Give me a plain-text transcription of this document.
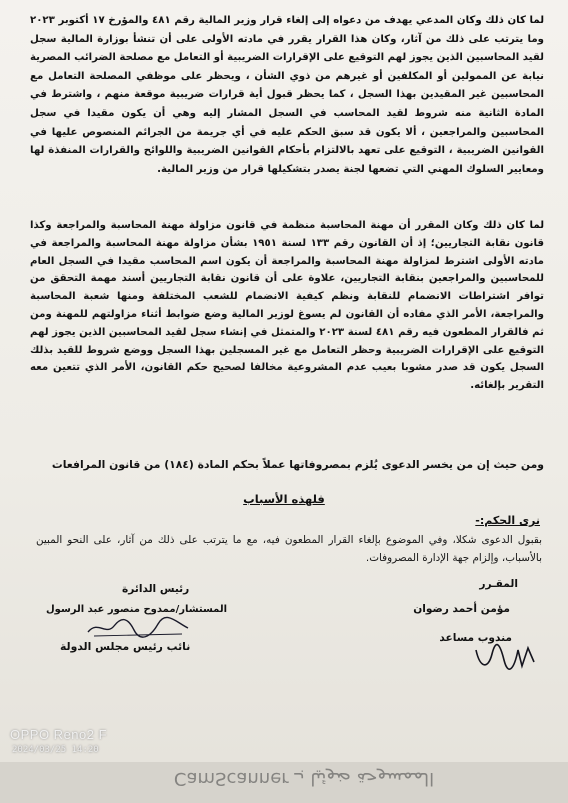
لما كان ذلك وكان المدعي يهدف من دعواه إلى إلغاء قرار وزير المالية رقم ٤٨١ والمؤرخ ١٧ أكتوبر ٢٠٢٣ وما يترتب على ذلك من آثار، وكان هذا القرار يقرر في مادته الأولى على أن تنشأ بوزارة المالية سجل لقيد المحاسبين الذين يجوز لهم التوقيع على الإقرارات الضريبية أو التعامل مع مصلحة الضرائب المصرية نيابة عن الممولين أو المكلفين أو غيرهم من ذوي الشأن ، ويحظر على موظفي المصلحة التعامل مع المحاسبين غير المقيدين بهذا السجل ، كما يحظر قبول أية قرارات ضريبية موقعة منهم ، واشترط في المادة الثانية منه شروط لقيد المحاسب في السجل المشار إليه وهي أن يكون مقيدا في سجل المحاسبين والمراجعين ، ألا يكون قد سبق الحكم عليه في أي جريمة من الجرائم المنصوص عليها في القوانين الضريبية ، التوقيع على تعهد بالالتزام بأحكام القوانين الضريبية واللوائح والقرارات المنفذة لها ومعايير السلوك المهني التي تضعها لجنة يصدر بتشكيلها قرار من وزير المالية.
لما كان ذلك وكان المقرر أن مهنة المحاسبة منظمة في قانون مزاولة مهنة المحاسبة والمراجعة وكذا قانون نقابة التجاريين؛ إذ أن القانون رقم ١٣٣ لسنة ١٩٥١ بشأن مزاولة مهنة المحاسبة والمراجعة في مادته الأولى اشترط لمزاولة مهنة المحاسبة والمراجعة أن يكون اسم المحاسب مقيدا في السجل العام للمحاسبين والمراجعين بنقابة التجاريين، علاوة على أن قانون نقابة التجاريين أسند مهمة التحقق من توافر اشتراطات الانضمام للنقابة ونظم كيفية الانضمام للشعب المختلفة ومنها شعبة المحاسبة والمراجعة، الأمر الذي مفاده أن القانون لم يسوغ لوزير المالية وضع ضوابط أثناء مزاولتهم للمهنة ومن ثم فالقرار المطعون فيه رقم ٤٨١ لسنة ٢٠٢٣ والمتمثل في إنشاء سجل لقيد المحاسبين الذين يجوز لهم التوقيع على الإقرارات الضريبية وحظر التعامل مع غير المسجلين بهذا السجل ووضع شروط للقيد بذلك السجل يكون قد صدر مشوبا بعيب عدم المشروعية مخالفا لصحيح حكم القانون، الأمر الذي تتعين معه التقرير بإلغائه.
ومن حيث إن من يخسر الدعوى يُلزم بمصروفاتها عملاً بحكم المادة (١٨٤) من قانون المرافعات
فلهذه الأسباب
نرى الحكم:-
بقبول الدعوى شكلا، وفي الموضوع بإلغاء القرار المطعون فيه، مع ما يترتب على ذلك من آثار، على النحو المبين بالأسباب، وإلزام جهة الإدارة المصروفات.
رئيس الدائرة
المستشار/ممدوح منصور عبد الرسول
نائب رئيس مجلس الدولة
المقـرر
مؤمن أحمد رضوان
مندوب مساعد
OPPO Reno2 F
2024/03/25 14:20
الممسوحة ضوئيا بـ CamScanner
